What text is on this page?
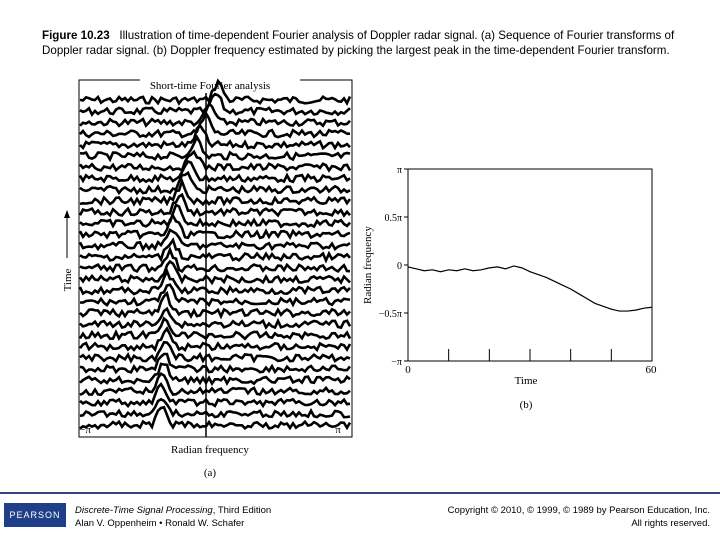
Figure 10.23 Illustration of time-dependent Fourier analysis of Doppler radar signal. (a) Sequence of Fourier transforms of Doppler radar signal. (b) Doppler frequency estimated by picking the largest peak in the time-dependent Fourier transform.
Short-time Fourier analysis
−π	π
Radian frequency
(a)
Time
0	60
Time
(b)
Radian frequency
π
0.5π
0
−0.5π
−π
PEARSON	Discrete-Time Signal Processing, Third Edition
Alan V. Oppenheim • Ronald W. Schafer
Copyright © 2010, © 1999, © 1989 by Pearson Education, Inc.
All rights reserved.
